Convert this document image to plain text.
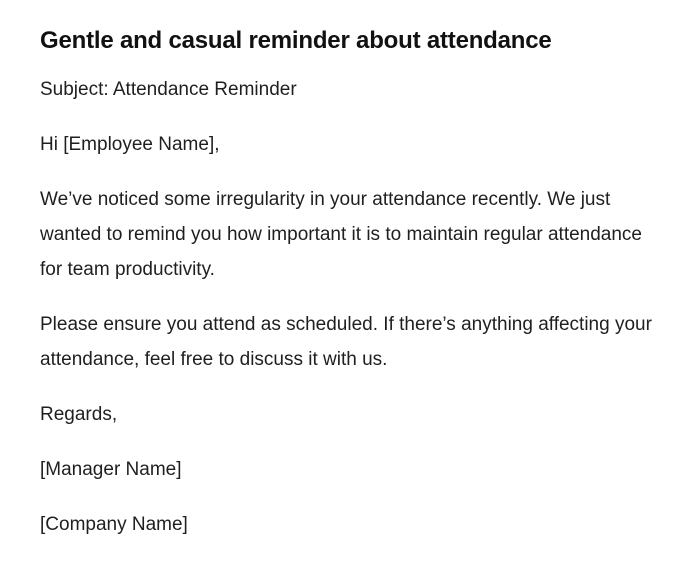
Gentle and casual reminder about attendance

Subject: Attendance Reminder

Hi [Employee Name],

We’ve noticed some irregularity in your attendance recently. We just wanted to remind you how important it is to maintain regular attendance for team productivity.

Please ensure you attend as scheduled. If there’s anything affecting your attendance, feel free to discuss it with us.

Regards,

[Manager Name]

[Company Name]
